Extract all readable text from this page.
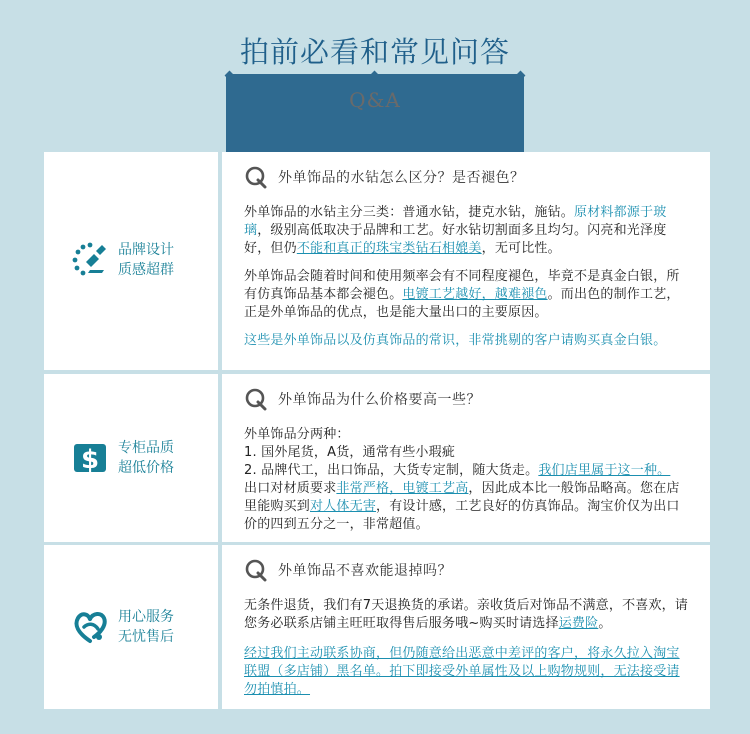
拍前必看和常见问答
Q&A
品牌设计
质感超群
外单饰品的水钻怎么区分？是否褪色？

外单饰品的水钻主分三类：普通水钻，捷克水钻，施钻。原材料都源于玻璃，级别高低取决于品牌和工艺。好水钻切割面多且均匀。闪亮和光泽度好，但仍不能和真正的珠宝类钻石相媲美，无可比性。

外单饰品会随着时间和使用频率会有不同程度褪色，毕竟不是真金白银，所有仿真饰品基本都会褪色。电镀工艺越好，越难褪色。而出色的制作工艺，正是外单饰品的优点，也是能大量出口的主要原因。

这些是外单饰品以及仿真饰品的常识，非常挑剔的客户请购买真金白银。

$ 专柜品质
超低价格
外单饰品为什么价格要高一些？
外单饰品分两种：
1. 国外尾货，A货，通常有些小瑕疵
2. 品牌代工，出口饰品，大货专定制，随大货走。我们店里属于这一种。
出口对材质要求非常严格，电镀工艺高，因此成本比一般饰品略高。您在店里能购买到对人体无害，有设计感，工艺良好的仿真饰品。淘宝价仅为出口价的四到五分之一，非常超值。
用心服务
无忧售后
外单饰品不喜欢能退掉吗？

无条件退货，我们有7天退换货的承诺。亲收货后对饰品不满意，不喜欢，请您务必联系店铺主旺旺取得售后服务哦~购买时请选择运费险。

经过我们主动联系协商，但仍随意给出恶意中差评的客户，将永久拉入淘宝联盟（多店铺）黑名单。拍下即接受外单属性及以上购物规则，无法接受请勿拍慎拍。
